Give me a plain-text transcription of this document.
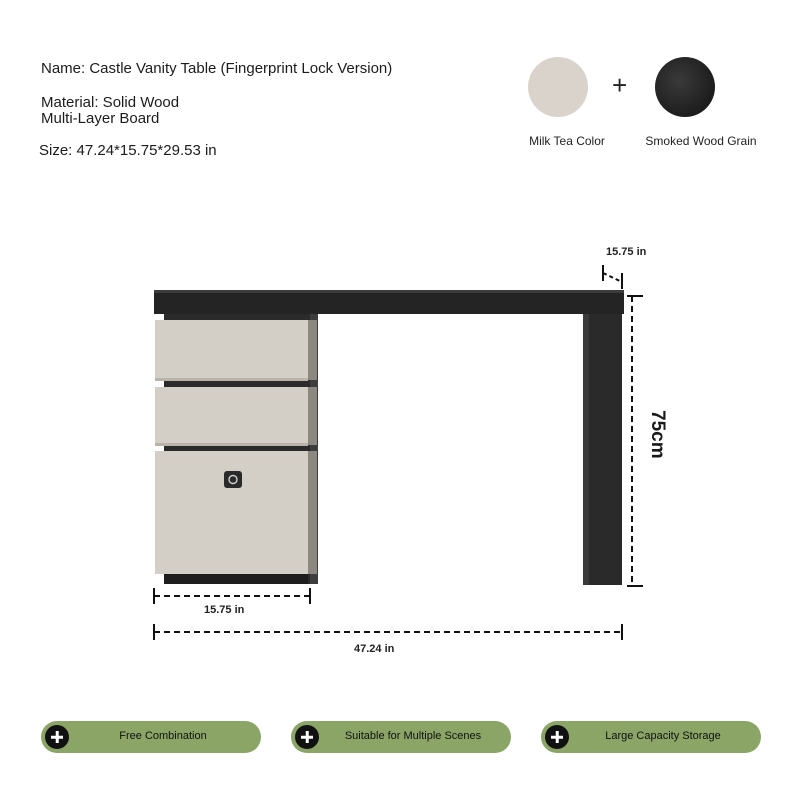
Name: Castle Vanity Table (Fingerprint Lock Version)
Material: Solid Wood
Multi-Layer Board
Size: 47.24*15.75*29.53 in
+
Milk Tea Color	Smoked Wood Grain
15.75 in
75cm
15.75 in
47.24 in
Free Combination	Suitable for Multiple Scenes	Large Capacity Storage
